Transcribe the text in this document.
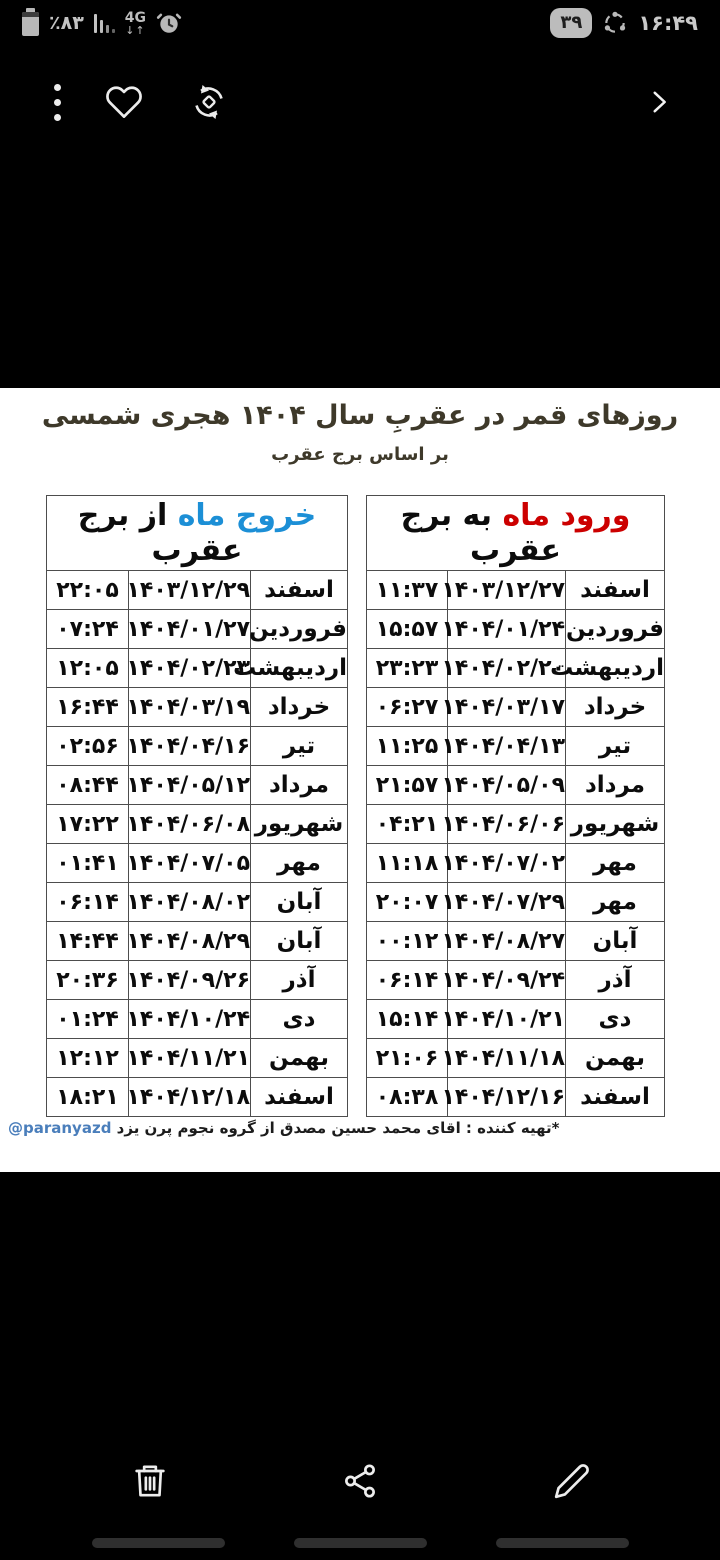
٪۸۳	4G
↓↑	۳۹	۱۶:۴۹
روزهای قمر در عقربِ سال ۱۴۰۴ هجری شمسی
بر اساس برج عقرب
ورود ماه به برج عقرب		
اسفند	۱۴۰۳/۱۲/۲۷	۱۱:۳۷
فروردین	۱۴۰۴/۰۱/۲۴	۱۵:۵۷
اردیبهشت	۱۴۰۴/۰۲/۲۰	۲۳:۲۳
خرداد	۱۴۰۴/۰۳/۱۷	۰۶:۲۷
تیر	۱۴۰۴/۰۴/۱۳	۱۱:۲۵
مرداد	۱۴۰۴/۰۵/۰۹	۲۱:۵۷
شهریور	۱۴۰۴/۰۶/۰۶	۰۴:۲۱
مهر	۱۴۰۴/۰۷/۰۲	۱۱:۱۸
مهر	۱۴۰۴/۰۷/۲۹	۲۰:۰۷
آبان	۱۴۰۴/۰۸/۲۷	۰۰:۱۲
آذر	۱۴۰۴/۰۹/۲۴	۰۶:۱۴
دی	۱۴۰۴/۱۰/۲۱	۱۵:۱۴
بهمن	۱۴۰۴/۱۱/۱۸	۲۱:۰۶
اسفند	۱۴۰۴/۱۲/۱۶	۰۸:۳۸
خروج ماه از برج عقرب		
اسفند	۱۴۰۳/۱۲/۲۹	۲۲:۰۵
فروردین	۱۴۰۴/۰۱/۲۷	۰۷:۲۴
اردیبهشت	۱۴۰۴/۰۲/۲۳	۱۲:۰۵
خرداد	۱۴۰۴/۰۳/۱۹	۱۶:۴۴
تیر	۱۴۰۴/۰۴/۱۶	۰۲:۵۶
مرداد	۱۴۰۴/۰۵/۱۲	۰۸:۴۴
شهریور	۱۴۰۴/۰۶/۰۸	۱۷:۲۲
مهر	۱۴۰۴/۰۷/۰۵	۰۱:۴۱
آبان	۱۴۰۴/۰۸/۰۲	۰۶:۱۴
آبان	۱۴۰۴/۰۸/۲۹	۱۴:۴۴
آذر	۱۴۰۴/۰۹/۲۶	۲۰:۳۶
دی	۱۴۰۴/۱۰/۲۴	۰۱:۲۴
بهمن	۱۴۰۴/۱۱/۲۱	۱۲:۱۲
اسفند	۱۴۰۴/۱۲/۱۸	۱۸:۲۱
*تهیه کننده : اقای محمد حسین مصدق از گروه نجوم پرن یزد @paranyazd
